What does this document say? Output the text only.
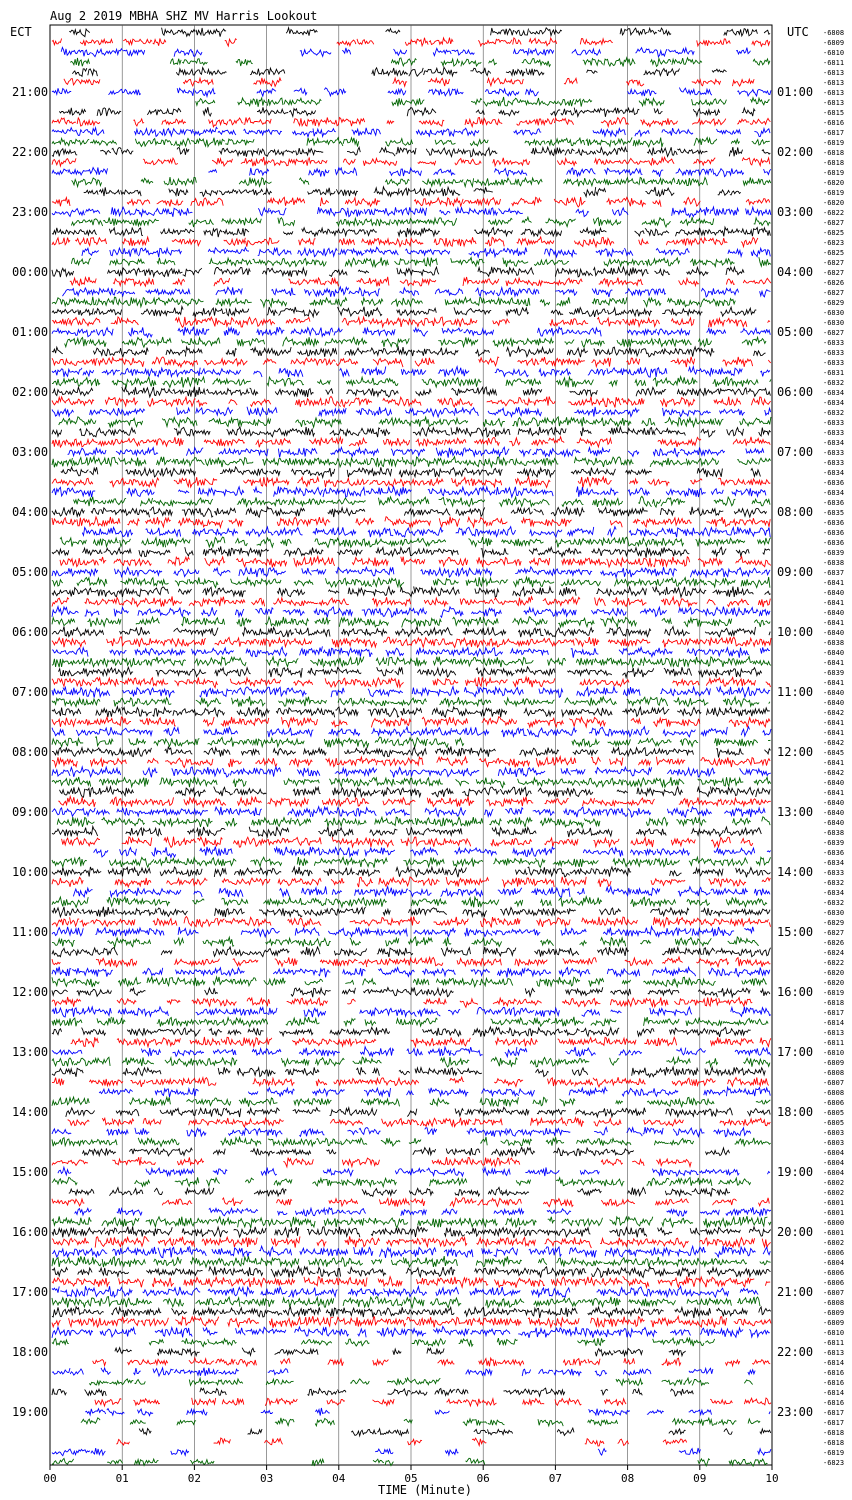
Aug 2 2019 MBHA SHZ MV Harris Lookout
ECT	UTC
TIME (Minute)
00	01	02	03	04	05	06	07	08	09	10
21:00
22:00
23:00
00:00
01:00
02:00
03:00
04:00
05:00
06:00
07:00
08:00
09:00
10:00
11:00
12:00
13:00
14:00
15:00
16:00
17:00
18:00
19:00
01:00
02:00
03:00
04:00
05:00
06:00
07:00
08:00
09:00
10:00
11:00
12:00
13:00
14:00
15:00
16:00
17:00
18:00
19:00
20:00
21:00
22:00
23:00
-6808
-6809
-6810
-6811
-6813
-6813
-6813
-6813
-6815
-6816
-6817
-6819
-6818
-6818
-6819
-6820
-6819
-6820
-6822
-6827
-6825
-6823
-6825
-6827
-6827
-6826
-6827
-6829
-6830
-6830
-6827
-6833
-6833
-6833
-6831
-6832
-6834
-6834
-6832
-6833
-6833
-6834
-6833
-6833
-6834
-6836
-6834
-6836
-6835
-6836
-6836
-6836
-6839
-6838
-6837
-6841
-6840
-6841
-6840
-6841
-6840
-6838
-6840
-6841
-6839
-6841
-6840
-6840
-6842
-6841
-6841
-6842
-6845
-6841
-6842
-6840
-6841
-6840
-6840
-6840
-6838
-6839
-6836
-6834
-6833
-6832
-6834
-6832
-6830
-6829
-6827
-6826
-6824
-6822
-6820
-6820
-6819
-6818
-6817
-6814
-6813
-6811
-6810
-6809
-6808
-6807
-6808
-6806
-6805
-6805
-6803
-6803
-6804
-6804
-6804
-6802
-6802
-6801
-6801
-6800
-6801
-6802
-6806
-6804
-6806
-6806
-6807
-6808
-6809
-6809
-6810
-6811
-6813
-6814
-6816
-6816
-6814
-6816
-6817
-6817
-6818
-6818
-6819
-6823
